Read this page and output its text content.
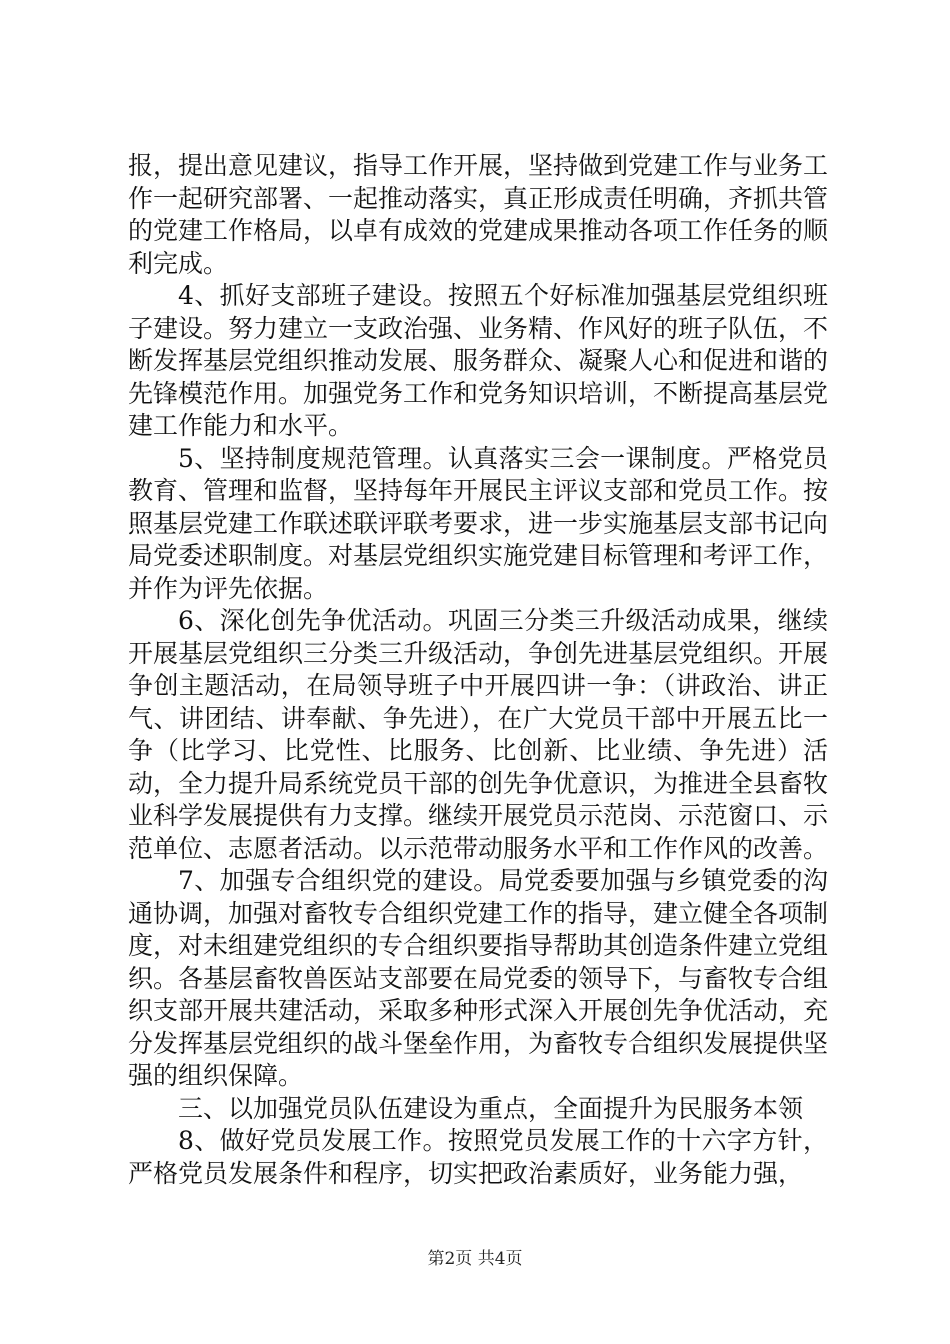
报，提出意见建议，指导工作开展，坚持做到党建工作与业务工作一起研究部署、一起推动落实，真正形成责任明确，齐抓共管的党建工作格局，以卓有成效的党建成果推动各项工作任务的顺利完成。

4、抓好支部班子建设。按照五个好标准加强基层党组织班子建设。努力建立一支政治强、业务精、作风好的班子队伍，不断发挥基层党组织推动发展、服务群众、凝聚人心和促进和谐的先锋模范作用。加强党务工作和党务知识培训，不断提高基层党建工作能力和水平。

5、坚持制度规范管理。认真落实三会一课制度。严格党员教育、管理和监督，坚持每年开展民主评议支部和党员工作。按照基层党建工作联述联评联考要求，进一步实施基层支部书记向局党委述职制度。对基层党组织实施党建目标管理和考评工作，并作为评先依据。

6、深化创先争优活动。巩固三分类三升级活动成果，继续开展基层党组织三分类三升级活动，争创先进基层党组织。开展争创主题活动，在局领导班子中开展四讲一争：（讲政治、讲正气、讲团结、讲奉献、争先进），在广大党员干部中开展五比一争（比学习、比党性、比服务、比创新、比业绩、争先进）活动，全力提升局系统党员干部的创先争优意识，为推进全县畜牧业科学发展提供有力支撑。继续开展党员示范岗、示范窗口、示范单位、志愿者活动。以示范带动服务水平和工作作风的改善。

7、加强专合组织党的建设。局党委要加强与乡镇党委的沟通协调，加强对畜牧专合组织党建工作的指导，建立健全各项制度，对未组建党组织的专合组织要指导帮助其创造条件建立党组织。各基层畜牧兽医站支部要在局党委的领导下，与畜牧专合组织支部开展共建活动，采取多种形式深入开展创先争优活动，充分发挥基层党组织的战斗堡垒作用，为畜牧专合组织发展提供坚强的组织保障。

三、以加强党员队伍建设为重点，全面提升为民服务本领

8、做好党员发展工作。按照党员发展工作的十六字方针，严格党员发展条件和程序，切实把政治素质好，业务能力强，

第2页 共4页
